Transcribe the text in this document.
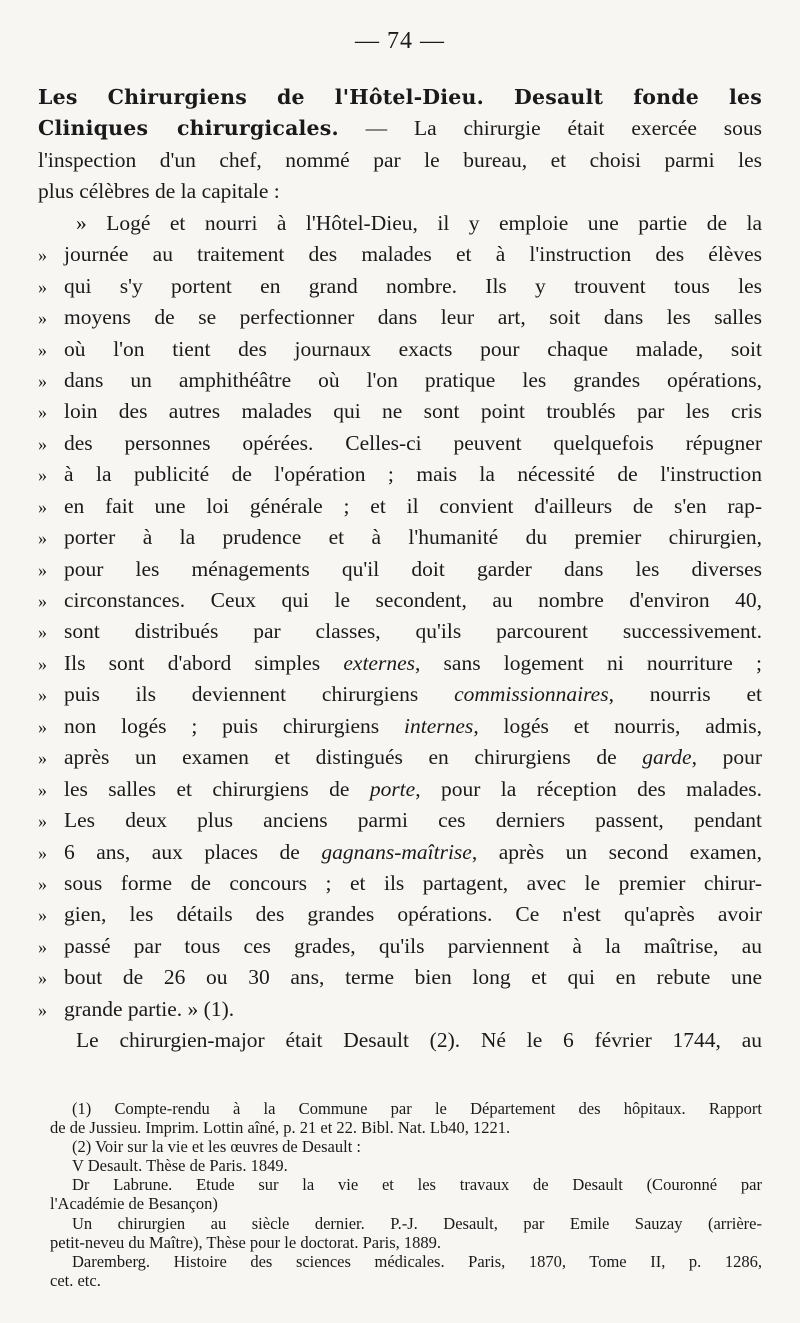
— 74 —
Les Chirurgiens de l'Hôtel-Dieu. Desault fonde les
Cliniques chirurgicales. — La chirurgie était exercée sous
l'inspection d'un chef, nommé par le bureau, et choisi parmi les
plus célèbres de la capitale :
» Logé et nourri à l'Hôtel-Dieu, il y emploie une partie de la
» journée au traitement des malades et à l'instruction des élèves
» qui s'y portent en grand nombre. Ils y trouvent tous les
» moyens de se perfectionner dans leur art, soit dans les salles
» où l'on tient des journaux exacts pour chaque malade, soit
» dans un amphithéâtre où l'on pratique les grandes opérations,
» loin des autres malades qui ne sont point troublés par les cris
» des personnes opérées. Celles-ci peuvent quelquefois répugner
» à la publicité de l'opération ; mais la nécessité de l'instruction
» en fait une loi générale ; et il convient d'ailleurs de s'en rap-
» porter à la prudence et à l'humanité du premier chirurgien,
» pour les ménagements qu'il doit garder dans les diverses
» circonstances. Ceux qui le secondent, au nombre d'environ 40,
» sont distribués par classes, qu'ils parcourent successivement.
» Ils sont d'abord simples externes, sans logement ni nourriture ;
» puis ils deviennent chirurgiens commissionnaires, nourris et
» non logés ; puis chirurgiens internes, logés et nourris, admis,
» après un examen et distingués en chirurgiens de garde, pour
» les salles et chirurgiens de porte, pour la réception des malades.
» Les deux plus anciens parmi ces derniers passent, pendant
» 6 ans, aux places de gagnans-maîtrise, après un second examen,
» sous forme de concours ; et ils partagent, avec le premier chirur-
» gien, les détails des grandes opérations. Ce n'est qu'après avoir
» passé par tous ces grades, qu'ils parviennent à la maîtrise, au
» bout de 26 ou 30 ans, terme bien long et qui en rebute une
» grande partie. » (1).
Le chirurgien-major était Desault (2). Né le 6 février 1744, au
(1) Compte-rendu à la Commune par le Département des hôpitaux. Rapport
de de Jussieu. Imprim. Lottin aîné, p. 21 et 22. Bibl. Nat. Lb40, 1221.
(2) Voir sur la vie et les œuvres de Desault :
V Desault. Thèse de Paris. 1849.
Dr Labrune. Etude sur la vie et les travaux de Desault (Couronné par
l'Académie de Besançon)
Un chirurgien au siècle dernier. P.-J. Desault, par Emile Sauzay (arrière-
petit-neveu du Maître), Thèse pour le doctorat. Paris, 1889.
Daremberg. Histoire des sciences médicales. Paris, 1870, Tome II, p. 1286,
cet. etc.
